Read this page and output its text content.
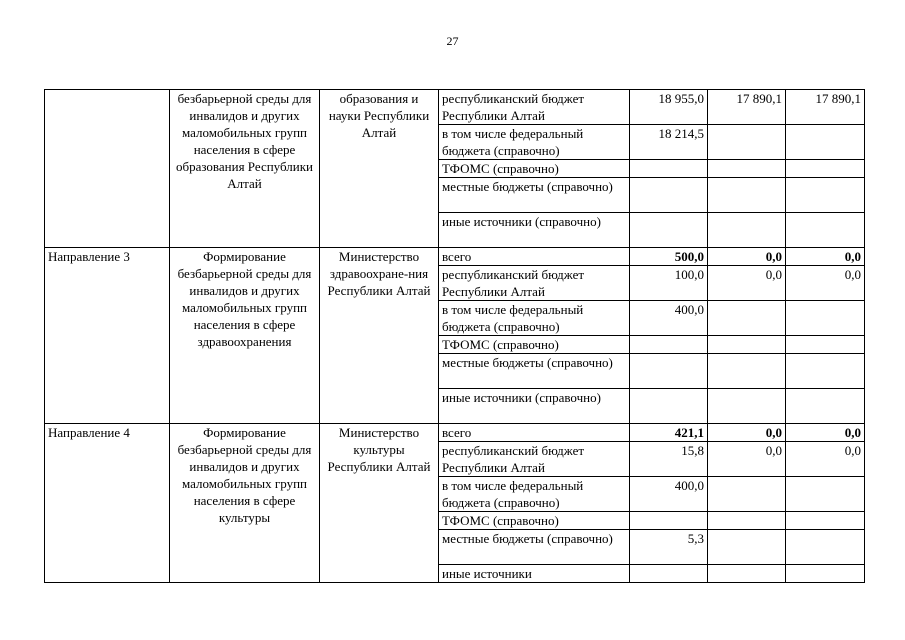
27
	безбарьерной среды для инвалидов и других маломобильных групп населения в сфере образования Республики Алтай	образования и науки Республики Алтай	республиканский бюджет Республики Алтай	18 955,0	17 890,1	17 890,1
			в том числе федеральный бюджета (справочно)	18 214,5		
			ТФОМС (справочно)			
			местные бюджеты (справочно)			
			иные источники (справочно)			
Направление 3	Формирование безбарьерной среды для инвалидов и других маломобильных групп населения в сфере здравоохранения	Министерство здравоохране-ния Республики Алтай	всего	500,0	0,0	0,0
			республиканский бюджет Республики Алтай	100,0	0,0	0,0
			в том числе федеральный бюджета (справочно)	400,0		
			ТФОМС (справочно)			
			местные бюджеты (справочно)			
			иные источники (справочно)			
Направление 4	Формирование безбарьерной среды для инвалидов и других маломобильных групп населения в сфере культуры	Министерство культуры Республики Алтай	всего	421,1	0,0	0,0
			республиканский бюджет Республики Алтай	15,8	0,0	0,0
			в том числе федеральный бюджета (справочно)	400,0		
			ТФОМС (справочно)			
			местные бюджеты (справочно)	5,3		
			иные источники			
